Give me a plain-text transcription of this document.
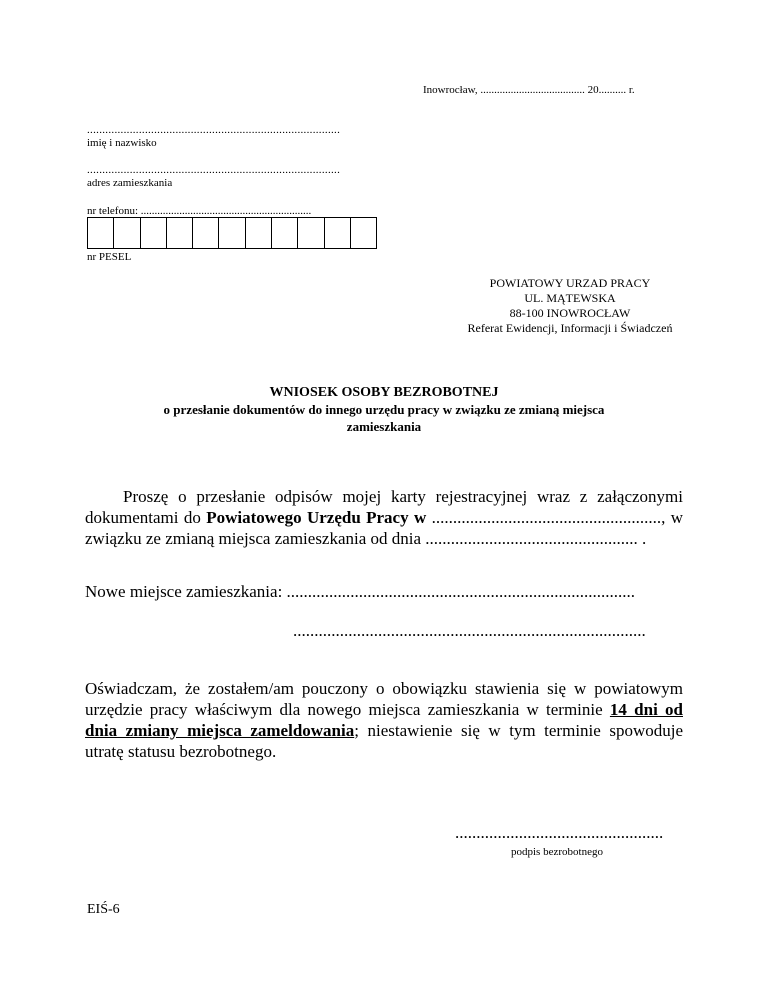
Inowrocław, ...................................... 20.......... r.
...................................................................................
imię i nazwisko
...................................................................................
adres zamieszkania
nr telefonu: ..............................................................
nr PESEL
POWIATOWY URZAD PRACY
UL. MĄTEWSKA
88-100 INOWROCŁAW
Referat Ewidencji, Informacji i Świadczeń
WNIOSEK OSOBY BEZROBOTNEJ
o przesłanie dokumentów do innego urzędu pracy w związku ze zmianą miejsca zamieszkania
Proszę o przesłanie odpisów mojej karty rejestracyjnej wraz z załączonymi dokumentami do Powiatowego Urzędu Pracy w ......................................................, w związku ze zmianą miejsca zamieszkania od dnia .................................................. .
Nowe miejsce zamieszkania: ..................................................................................
...................................................................................
Oświadczam, że zostałem/am pouczony o obowiązku stawienia się w powiatowym urzędzie pracy właściwym dla nowego miejsca zamieszkania w terminie 14 dni od dnia zmiany miejsca zameldowania; niestawienie się w tym terminie spowoduje utratę statusu bezrobotnego.
.................................................
podpis bezrobotnego
EIŚ-6
